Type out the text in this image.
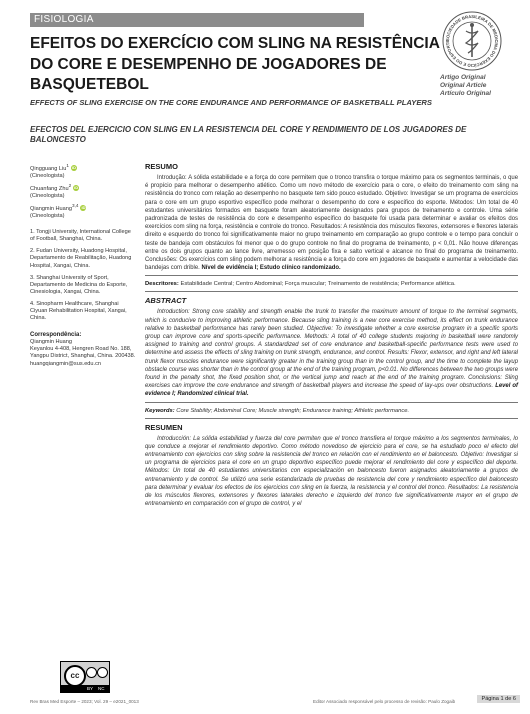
FISIOLOGIA
SOCIEDADE BRASILEIRA DE MEDICINA DO EXERCÍCIO E DO ESPORTE
Artigo Original
Original Article
Artículo Original
EFEITOS DO EXERCÍCIO COM SLING NA RESISTÊNCIA DO CORE E DESEMPENHO DE JOGADORES DE BASQUETEBOL
EFFECTS OF SLING EXERCISE ON THE CORE ENDURANCE AND PERFORMANCE OF BASKETBALL PLAYERS
EFECTOS DEL EJERCICIO CON SLING EN LA RESISTENCIA DEL CORE Y RENDIMIENTO DE LOS JUGADORES DE BALONCESTO
Qingguang Liu$^1$ iD
(Cineologista)
Chuanfang Zhu$^2$ iD
(Cineologista)
Qiangmin Huang$^{3,4}$ iD
(Cineologista)

1. Tongji University, International College of Football, Shanghai, China.

2. Fudan University, Huadong Hospital, Departamento de Reabilitação, Huadong Hospital, Xangai, China.

3. Shanghai University of Sport, Departamento de Medicina do Esporte, Cinesiologia, Xangai, China.

4. Sinopharm Healthcare, Shanghai Ciyuan Rehabilitation Hospital, Xangai, China.

Correspondência:

Qiangmin Huang

Keyanlou 4-408, Hengren Road No. 188, Yangpu District, Shanghai, China. 200438.

huangqiangmin@sus.edu.cn

RESUMO

Introdução: A sólida estabilidade e a força do core permitem que o tronco transfira o torque máximo para os segmentos terminais, o que é propício para melhorar o desempenho atlético. Como um novo método de exercício para o core, o efeito do treinamento com sling na resistência do tronco com relação ao desempenho no basquete tem sido pouco estudado. Objetivo: Investigar se um programa de exercícios para o core em um grupo esportivo específico pode melhorar o desempenho do core e específico do esporte. Métodos: Um total de 40 estudantes universitários formados em basquete foram aleatoriamente designados para grupos de treinamento e controle. Uma série padronizada de testes de resistência do core e desempenho específico do basquete foi usada para determinar e avaliar os efeitos dos exercícios com sling na força, resistência e controle do tronco. Resultados: A resistência dos músculos flexores, extensores e flexores laterais direito e esquerdo do tronco foi significativamente maior no grupo treinamento em comparação ao grupo controle e o tempo para concluir o teste de bandeja com obstáculos foi menor que o do grupo controle no final do programa de treinamento, p < 0,01. Não houve diferenças entre os dois grupos quanto ao lance livre, arremesso em posição fixa e salto vertical e alcance no final do programa de treinamento. Conclusões: Os exercícios com sling podem melhorar a resistência e a força do core em jogadores de basquete e aumentar a velocidade das bandejas com drible. Nível de evidência I; Estudo clínico randomizado.

Descritores: Estabilidade Central; Centro Abdominal; Força muscular; Treinamento de resistência; Performance atlética.
ABSTRACT

Introduction: Strong core stability and strength enable the trunk to transfer the maximum amount of torque to the terminal segments, which is conducive to improving athletic performance. Because sling training is a new core exercise method, its effect on trunk endurance relative to basketball performance has rarely been studied. Objective: To investigate whether a core exercise program in a specific sports group can improve core and sports-specific performance. Methods: A total of 40 college students majoring in basketball were randomly assigned to training and control groups. A standardized set of core endurance and basketball-specific performance tests were used to determine and assess the effects of sling training on trunk strength, endurance, and control. Results: Flexor, extensor, and right and left lateral trunk flexor muscles endurance were significantly greater in the training group than in the control group, and the time to complete the layup obstacle course was shorter than in the control group at the end of the training program, p<0.01. No differences between the two groups were found in the penalty shot, the fixed position shot, or the vertical jump and reach at the end of the training program. Conclusions: Sling exercises can improve the core endurance and strength of basketball players and increase the speed of lay-ups over obstructions. Level of evidence I; Randomized clinical trial.

Keywords: Core Stability; Abdominal Core; Muscle strength; Endurance training; Athletic performance.
RESUMEN

Introducción: La sólida estabilidad y fuerza del core permiten que el tronco transfiera el torque máximo a los segmentos terminales, lo que conduce a mejorar el rendimiento deportivo. Como método novedoso de ejercicio para el core, se ha estudiado poco el efecto del entrenamiento con ejercicios con sling sobre la resistencia del tronco en relación con el rendimiento en el baloncesto. Objetivo: Investigar si un programa de ejercicios para el core en un grupo deportivo específico puede mejorar el rendimiento del core y específico del deporte. Métodos: Un total de 40 estudiantes universitarios con especialización en baloncesto fueron asignados aleatoriamente a grupos de entrenamiento y de control. Se utilizó una serie estandarizada de pruebas de resistencia del core y rendimiento específico del baloncesto para determinar y evaluar los efectos de los ejercicios con sling en la fuerza, la resistencia y el control del tronco. Resultados: La resistencia de los músculos flexores, extensores y flexores laterales derecho e izquierdo del tronco fue significativamente mayor en el grupo de entrenamiento en comparación con el grupo de control, y el

cc
BY NC
Rev Bras Med Esporte – 2023; Vol. 29 – e2021_0013	Editor Associado responsável pelo processo de revisão: Paulo Zogaib	Página 1 de 6
